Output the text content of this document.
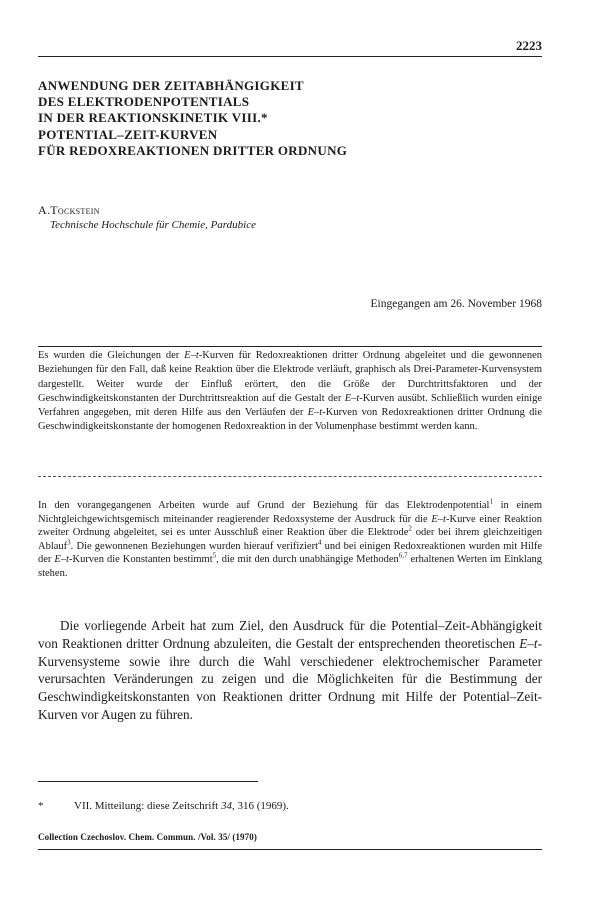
2223

ANWENDUNG DER ZEITABHÄNGIGKEIT

DES ELEKTRODENPOTENTIALS

IN DER REAKTIONSKINETIK VIII.*

POTENTIAL–ZEIT-KURVEN

FÜR REDOXREAKTIONEN DRITTER ORDNUNG

A.Tockstein
Technische Hochschule für Chemie, Pardubice
Eingegangen am 26. November 1968

Es wurden die Gleichungen der E–t-Kurven für Redoxreaktionen dritter Ordnung abgeleitet und die gewonnenen Beziehungen für den Fall, daß keine Reaktion über die Elektrode verläuft, graphisch als Drei-Parameter-Kurvensystem dargestellt. Weiter wurde der Einfluß erörtert, den die Größe der Durchtrittsfaktoren und der Geschwindigkeitskonstanten der Durchtrittsreaktion auf die Gestalt der E–t-Kurven ausübt. Schließlich wurden einige Verfahren angegeben, mit deren Hilfe aus den Verläufen der E–t-Kurven von Redoxreaktionen dritter Ordnung die Geschwindigkeitskonstante der homogenen Redoxreaktion in der Volumenphase bestimmt werden kann.

In den vorangegangenen Arbeiten wurde auf Grund der Beziehung für das Elektrodenpotential$^1$ in einem Nichtgleichgewichtsgemisch miteinander reagierender Redoxsysteme der Ausdruck für die E–t-Kurve einer Reaktion zweiter Ordnung abgeleitet, sei es unter Ausschluß einer Reaktion über die Elektrode$^2$ oder bei ihrem gleichzeitigen Ablauf$^3$. Die gewonnenen Beziehungen wurden hierauf verifiziert$^4$ und bei einigen Redoxreaktionen wurden mit Hilfe der E–t-Kurven die Konstanten bestimmt$^5$, die mit den durch unabhängige Methoden$^{6,7}$ erhaltenen Werten im Einklang stehen.

Die vorliegende Arbeit hat zum Ziel, den Ausdruck für die Potential–Zeit-Abhängigkeit von Reaktionen dritter Ordnung abzuleiten, die Gestalt der entsprechenden theoretischen E–t-Kurvensysteme sowie ihre durch die Wahl verschiedener elektrochemischer Parameter verursachten Veränderungen zu zeigen und die Möglichkeiten für die Bestimmung der Geschwindigkeitskonstanten von Reaktionen dritter Ordnung mit Hilfe der Potential–Zeit-Kurven vor Augen zu führen.

*	VII. Mitteilung: diese Zeitschrift 34, 316 (1969).
Collection Czechoslov. Chem. Commun. /Vol. 35/ (1970)
